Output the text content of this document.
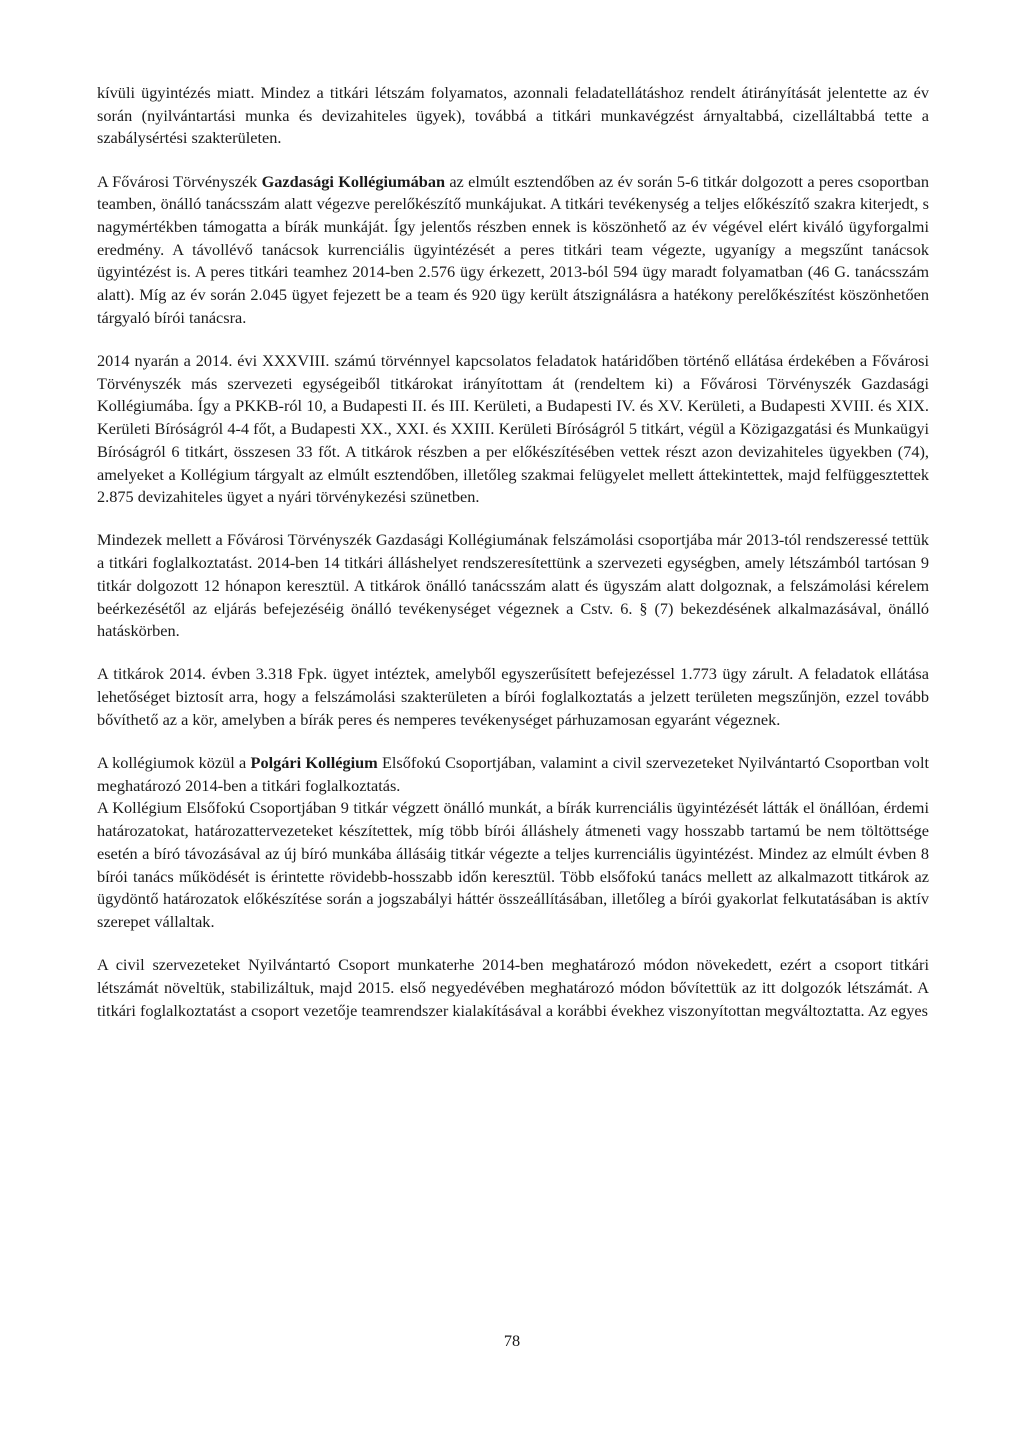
kívüli ügyintézés miatt. Mindez a titkári létszám folyamatos, azonnali feladatellátáshoz rendelt átirányítását jelentette az év során (nyilvántartási munka és devizahiteles ügyek), továbbá a titkári munkavégzést árnyaltabbá, cizelláltabbá tette a szabálysértési szakterületen.

A Fővárosi Törvényszék Gazdasági Kollégiumában az elmúlt esztendőben az év során 5-6 titkár dolgozott a peres csoportban teamben, önálló tanácsszám alatt végezve perelőkészítő munkájukat. A titkári tevékenység a teljes előkészítő szakra kiterjedt, s nagymértékben támogatta a bírák munkáját. Így jelentős részben ennek is köszönhető az év végével elért kiváló ügyforgalmi eredmény. A távollévő tanácsok kurrenciális ügyintézését a peres titkári team végezte, ugyanígy a megszűnt tanácsok ügyintézést is. A peres titkári teamhez 2014-ben 2.576 ügy érkezett, 2013-ból 594 ügy maradt folyamatban (46 G. tanácsszám alatt). Míg az év során 2.045 ügyet fejezett be a team és 920 ügy került átszignálásra a hatékony perelőkészítést köszönhetően tárgyaló bírói tanácsra.

2014 nyarán a 2014. évi XXXVIII. számú törvénnyel kapcsolatos feladatok határidőben történő ellátása érdekében a Fővárosi Törvényszék más szervezeti egységeiből titkárokat irányítottam át (rendeltem ki) a Fővárosi Törvényszék Gazdasági Kollégiumába. Így a PKKB-ról 10, a Budapesti II. és III. Kerületi, a Budapesti IV. és XV. Kerületi, a Budapesti XVIII. és XIX. Kerületi Bíróságról 4-4 főt, a Budapesti XX., XXI. és XXIII. Kerületi Bíróságról 5 titkárt, végül a Közigazgatási és Munkaügyi Bíróságról 6 titkárt, összesen 33 főt. A titkárok részben a per előkészítésében vettek részt azon devizahiteles ügyekben (74), amelyeket a Kollégium tárgyalt az elmúlt esztendőben, illetőleg szakmai felügyelet mellett áttekintettek, majd felfüggesztettek 2.875 devizahiteles ügyet a nyári törvénykezési szünetben.

Mindezek mellett a Fővárosi Törvényszék Gazdasági Kollégiumának felszámolási csoportjába már 2013-tól rendszeressé tettük a titkári foglalkoztatást. 2014-ben 14 titkári álláshelyet rendszeresítettünk a szervezeti egységben, amely létszámból tartósan 9 titkár dolgozott 12 hónapon keresztül. A titkárok önálló tanácsszám alatt és ügyszám alatt dolgoznak, a felszámolási kérelem beérkezésétől az eljárás befejezéséig önálló tevékenységet végeznek a Cstv. 6. § (7) bekezdésének alkalmazásával, önálló hatáskörben.

A titkárok 2014. évben 3.318 Fpk. ügyet intéztek, amelyből egyszerűsített befejezéssel 1.773 ügy zárult. A feladatok ellátása lehetőséget biztosít arra, hogy a felszámolási szakterületen a bírói foglalkoztatás a jelzett területen megszűnjön, ezzel tovább bővíthető az a kör, amelyben a bírák peres és nemperes tevékenységet párhuzamosan egyaránt végeznek.

A kollégiumok közül a Polgári Kollégium Elsőfokú Csoportjában, valamint a civil szervezeteket Nyilvántartó Csoportban volt meghatározó 2014-ben a titkári foglalkoztatás.

A Kollégium Elsőfokú Csoportjában 9 titkár végzett önálló munkát, a bírák kurrenciális ügyintézését látták el önállóan, érdemi határozatokat, határozattervezeteket készítettek, míg több bírói álláshely átmeneti vagy hosszabb tartamú be nem töltöttsége esetén a bíró távozásával az új bíró munkába állásáig titkár végezte a teljes kurrenciális ügyintézést. Mindez az elmúlt évben 8 bírói tanács működését is érintette rövidebb-hosszabb időn keresztül. Több elsőfokú tanács mellett az alkalmazott titkárok az ügydöntő határozatok előkészítése során a jogszabályi háttér összeállításában, illetőleg a bírói gyakorlat felkutatásában is aktív szerepet vállaltak.

A civil szervezeteket Nyilvántartó Csoport munkaterhe 2014-ben meghatározó módon növekedett, ezért a csoport titkári létszámát növeltük, stabilizáltuk, majd 2015. első negyedévében meghatározó módon bővítettük az itt dolgozók létszámát. A titkári foglalkoztatást a csoport vezetője teamrendszer kialakításával a korábbi évekhez viszonyítottan megváltoztatta. Az egyes

78
